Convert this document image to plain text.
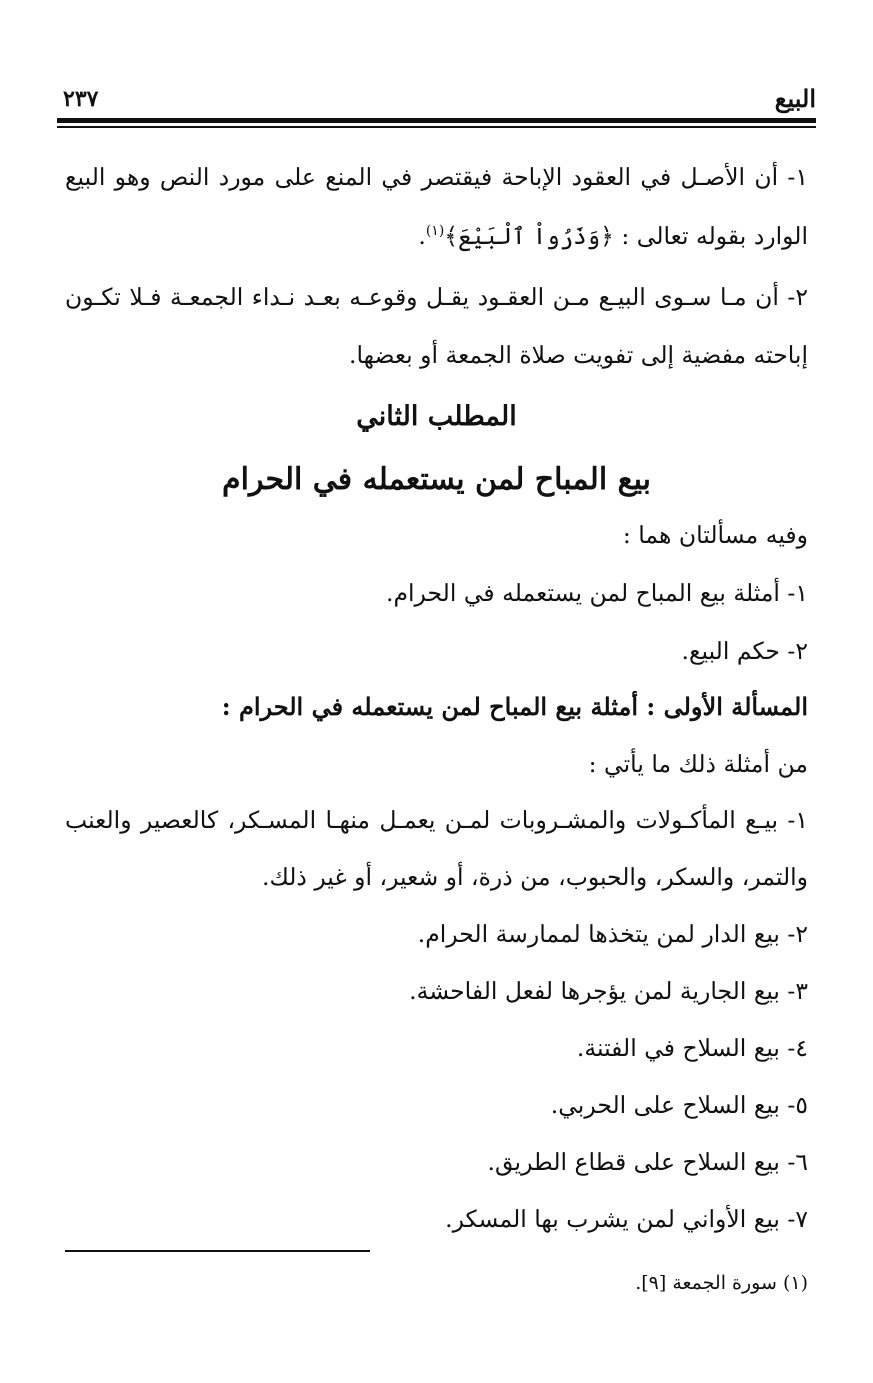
البيع
٢٣٧
١- أن الأصـل في العقود الإباحة فيقتصر في المنع على مورد النص وهو البيع
الوارد بقوله تعالى : ﴿وَذَرُواْ ٱلْبَيْعَ﴾$^{(١)}$.
٢- أن مـا سـوى البيـع مـن العقـود يقـل وقوعـه بعـد نـداء الجمعـة فـلا تكـون
إباحته مفضية إلى تفويت صلاة الجمعة أو بعضها.
المطلب الثاني
بيع المباح لمن يستعمله في الحرام
وفيه مسألتان هما :
١- أمثلة بيع المباح لمن يستعمله في الحرام.
٢- حكم البيع.
المسألة الأولى : أمثلة بيع المباح لمن يستعمله في الحرام :
من أمثلة ذلك ما يأتي :
١- بيـع المأكـولات والمشـروبات لمـن يعمـل منهـا المسـكر، كالعصير والعنب
والتمر، والسكر، والحبوب، من ذرة، أو شعير، أو غير ذلك.
٢- بيع الدار لمن يتخذها لممارسة الحرام.
٣- بيع الجارية لمن يؤجرها لفعل الفاحشة.
٤- بيع السلاح في الفتنة.
٥- بيع السلاح على الحربي.
٦- بيع السلاح على قطاع الطريق.
٧- بيع الأواني لمن يشرب بها المسكر.
(١) سورة الجمعة [٩].
